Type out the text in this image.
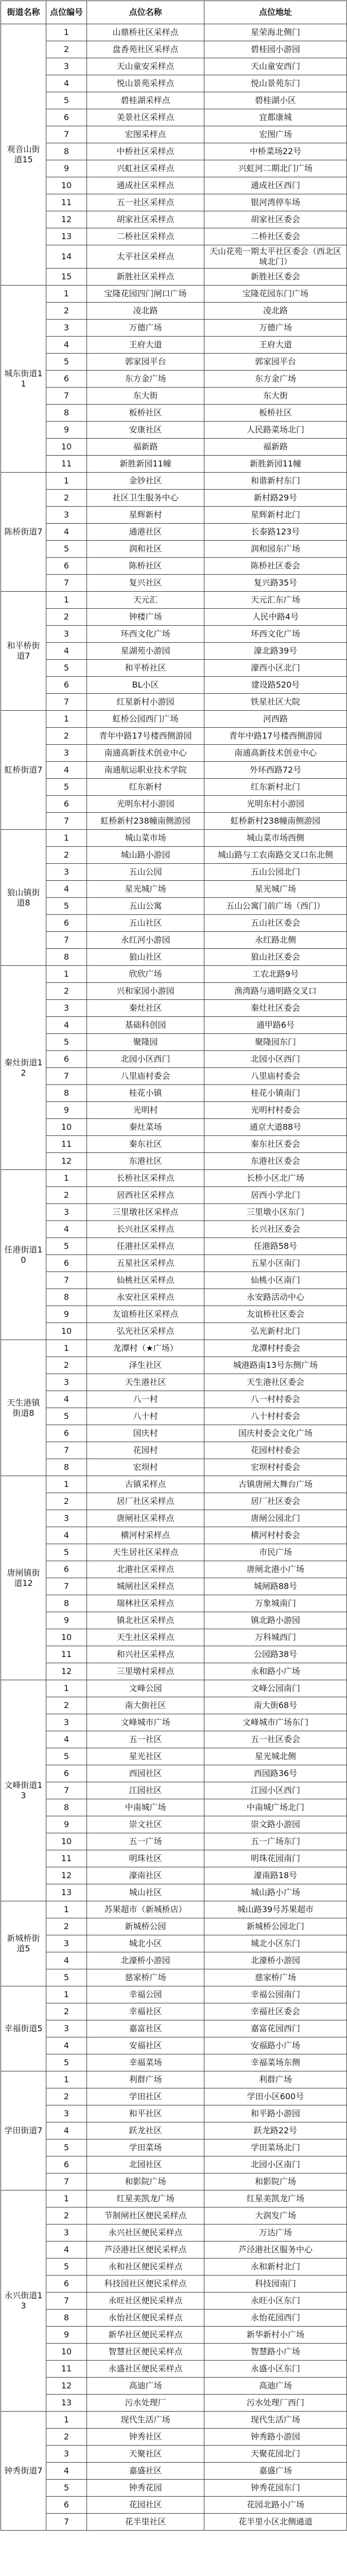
街道名称	点位编号	点位名称	点位地址
观音山街道15	1	山鼎桥社区采样点	星荣海北侧门
	2	盘香苑社区采样点	碧桂园小游园
	3	天山童安采样点	天山童安西门
	4	悦山景苑采样点	悦山景苑东门
	5	碧桂湖采样点	碧桂湖小区
	6	美景社区采样点	宜都康城
	7	宏图采样点	宏图广场
	8	中桥社区采样点	中桥菜场22号
	9	兴虹社区采样点	兴虹河二期北门广场
	10	通成社区采样点	通成社区西门
	11	五一社区采样点	银河湾停车场
	12	胡家社区采样点	胡家社区委会
	13	二桥社区采样点	二桥社区委会
	14	太平社区采样点	天山花苑一期太平社区委会（西北区域北门）
	15	新胜社区采样点	新胜社区委会
城东街道11	1	宝隆花园四门闸口广场	宝隆花园东门广场
	2	凌北路	凌北路
	3	万德广场	万德广场
	4	王府大道	王府大道
	5	郭家园平台	郭家园平台
	6	东方金广场	东方金广场
	7	东大街	东大街
	8	板桥社区	板桥社区
	9	安康社区	人民路菜场北门
	10	福新路	福新路
	11	新胜新园11幢	新胜新园11幢
陈桥街道7	1	金钞社区	和谐新村东门
	2	社区卫生服务中心	新村路29号
	3	星辉新村	星辉新村北门
	4	通港社区	长泰路123号
	5	润和社区	润和园东广场
	6	陈桥社区	陈桥社区委会
	7	复兴社区	复兴路35号
和平桥街道7	1	天元汇	天元汇东广场
	2	钟楼广场	人民中路4号
	3	环西文化广场	环西文化广场
	4	星湖苑小游园	濠北路39号
	5	和平桥社区	濠西小区北门
	6	BL小区	建设路520号
	7	红星新村小游园	铁星社区大院
虹桥街道7	1	虹桥公园西门广场	河西路
	2	青年中路17号楼西侧游园	青年中路17号楼西侧游园
	3	南通高新技术创业中心	南通高新技术创业中心
	4	南通航运职业技术学院	外环西路72号
	5	红东新村	红东新村北门
	6	光明东村小游园	光明东村小游园
	7	虹桥新村238幢南侧游园	虹桥新村238幢南侧游园
狼山镇街道8	1	城山菜市场	城山菜市场西侧
	2	城山路小游园	城山路与工农南路交叉口东北侧
	3	五山公园	五山公园北门
	4	星光城广场	星光城广场
	5	五山公寓	五山公寓门前广场（西门）
	6	五山社区	五山社区委会
	7	永红河小游园	永红路北侧
	8	狼山社区	狼山社区委会
秦灶街道12	1	欣欣广场	工农北路9号
	2	兴和家园小游园	渔湾路与通明路交叉口
	3	秦灶社区	秦灶社区委会
	4	基础科创园	通甲路6号
	5	聚隆园	聚隆园东门
	6	北园小区西门	北园小区西门
	7	八里庙村委会	八里庙村委会
	8	桂花小镇	桂花小镇南门
	9	光明村	光明村村委会
	10	秦灶菜场	通京大道88号
	11	秦东社区	秦东社区委会
	12	东港社区	东港社区委会
任港街道10	1	长桥社区采样点	长桥小区北广场
	2	居西社区采样点	居西小学北门
	3	三里墩社区采样点	三里墩小区东门
	4	长兴社区采样点	长兴社区委会
	5	任港社区采样点	任港路58号
	6	五星社区采样点	五星小区南门
	7	仙桃社区采样点	仙桃小区南门
	8	永安社区采样点	永安路活动中心
	9	友谊桥社区采样点	友谊桥社区委会
	10	弘光社区采样点	弘光新村北门
天生港镇街道8	1	龙潭村（★广场）	龙潭村村委会
	2	泽生社区	城港路南13号东侧广场
	3	天生港社区	天生港社区委会
	4	八一村	八一村村委会
	5	八十村	八十村村委会
	6	国庆村	国庆村委会文化广场
	7	花园村	花园村村委会
	8	宏坝村	宏坝村村委会
唐闸镇街道12	1	古镇采样点	古镇唐闸大舞台广场
	2	居厂社区采样点	居厂社区委会
	3	唐闸社区采样点	唐闸公园北门
	4	横河村采样点	横河村村委会
	5	天生居社区采样点	市民广场
	6	北港社区采样点	唐闸北港小广场
	7	城闸社区采样点	城闸路88号
	8	瑞林社区采样点	万象城南门
	9	镇北社区采样点	镇北路小游园
	10	天生社区采样点	万科城西门
	11	和兴社区采样点	公园路38号
	12	三里墩村采样点	永和路小广场
文峰街道13	1	文峰公园	文峰公园南门
	2	南大街社区	南大街68号
	3	文峰城市广场	文峰城市广场东门
	4	五一社区	五一社区委会
	5	星光社区	星光城北侧
	6	西园社区	西园路36号
	7	江园社区	江园小区西门
	8	中南城广场	中南城广场北门
	9	崇文社区	崇文路小游园
	10	五一广场	五一广场东门
	11	明珠社区	明珠花园南门
	12	濠南社区	濠南路18号
	13	城山社区	城山路小广场
新城桥街道5	1	苏果超市（新城桥店）	城山路39号苏果超市
	2	新城桥公园	新城桥公园北门
	3	城北小区	城北小区东门
	4	北濠桥小游园	北濠桥小游园
	5	慈家桥广场	慈家桥广场
幸福街道5	1	幸福公园	幸福公园南门
	2	幸福社区	幸福社区委会
	3	嘉富社区	嘉富花园西门
	4	安福社区	安福路小广场
	5	幸福菜场	幸福菜场东侧
学田街道7	1	利群广场	利群广场
	2	学田社区	学田小区600号
	3	和平社区	和平路小游园
	4	跃龙社区	跃龙路22号
	5	学田菜场	学田菜场北门
	6	北园社区	北园小区南门
	7	和影院广场	和影院广场
永兴街道13	1	红星美凯龙广场	红星美凯龙广场
	2	节制闸社区便民采样点	大润发广场
	3	永兴社区便民采样点	万达广场
	4	芦泾港社区便民采样点	芦泾港社区服务中心
	5	永和社区便民采样点	永和新村北门
	6	科技园社区便民采样点	科技园南门
	7	永旺社区便民采样点	永旺小区东门
	8	永怡社区便民采样点	永怡花园西门
	9	新华社区便民采样点	新华新村小广场
	10	智慧社区便民采样点	智慧路小广场
	11	永盛社区便民采样点	永盛小区东门
	12	高迪广场	高迪广场
	13	污水处理厂	污水处理厂西门
钟秀街道7	1	现代生活广场	现代生活广场
	2	钟秀社区	钟秀路小游园
	3	天聚社区	天聚花园北门
	4	嘉盛社区	嘉盛广场
	5	钟秀花园	钟秀花园东门
	6	花园社区	花园北路小广场
	7	花半里社区	花半里小区北侧通道
